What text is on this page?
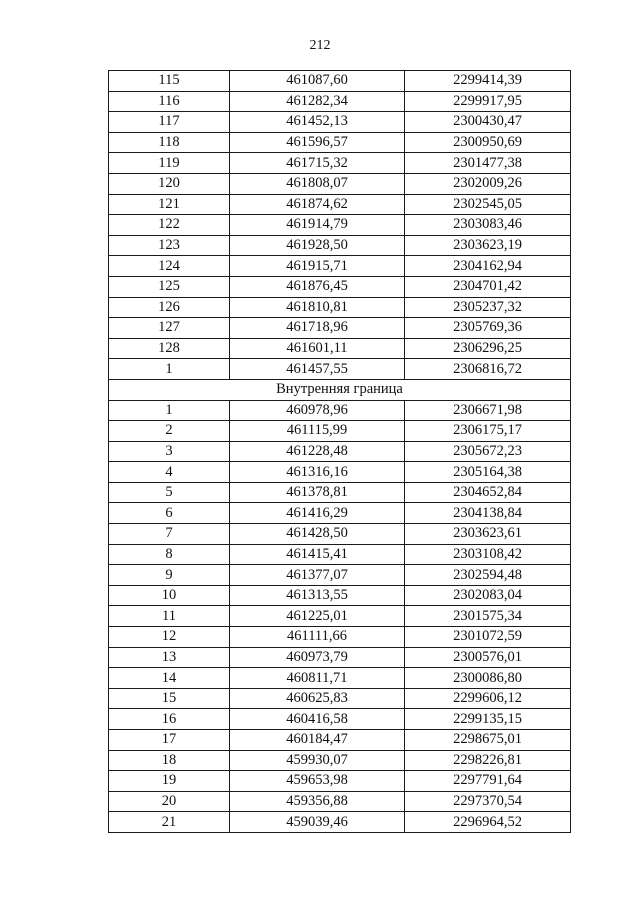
212
115	461087,60	2299414,39
116	461282,34	2299917,95
117	461452,13	2300430,47
118	461596,57	2300950,69
119	461715,32	2301477,38
120	461808,07	2302009,26
121	461874,62	2302545,05
122	461914,79	2303083,46
123	461928,50	2303623,19
124	461915,71	2304162,94
125	461876,45	2304701,42
126	461810,81	2305237,32
127	461718,96	2305769,36
128	461601,11	2306296,25
1	461457,55	2306816,72
Внутренняя граница		
1	460978,96	2306671,98
2	461115,99	2306175,17
3	461228,48	2305672,23
4	461316,16	2305164,38
5	461378,81	2304652,84
6	461416,29	2304138,84
7	461428,50	2303623,61
8	461415,41	2303108,42
9	461377,07	2302594,48
10	461313,55	2302083,04
11	461225,01	2301575,34
12	461111,66	2301072,59
13	460973,79	2300576,01
14	460811,71	2300086,80
15	460625,83	2299606,12
16	460416,58	2299135,15
17	460184,47	2298675,01
18	459930,07	2298226,81
19	459653,98	2297791,64
20	459356,88	2297370,54
21	459039,46	2296964,52
